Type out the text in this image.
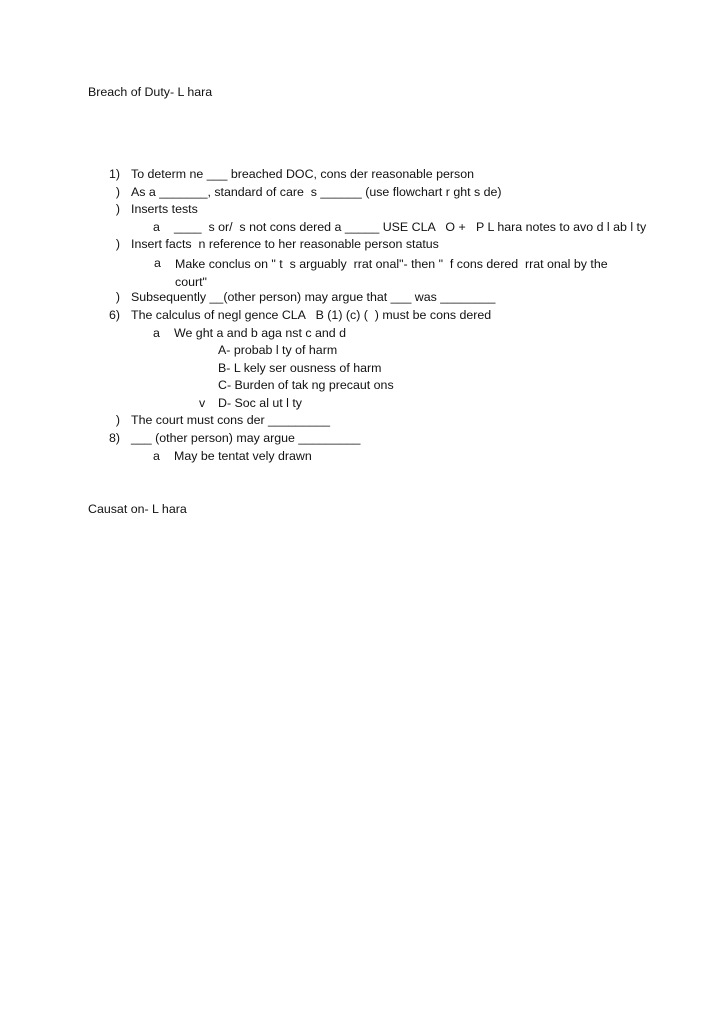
Breach of Duty- L hara
1) To determ ne ___ breached DOC, cons der reasonable person
) As a _______, standard of care  s ______ (use flowchart r ght s de)
) Inserts tests
a ____  s or/  s not cons dered a _____ USE CLA   O +   P L hara notes to avo d l ab l ty
) Insert facts  n reference to her reasonable person status
a Make conclus on " t  s arguably  rrat onal"- then "  f cons dered  rrat onal by the
court"
) Subsequently __(other person) may argue that ___ was ________
6) The calculus of negl gence CLA   B (1) (c) (  ) must be cons dered
a We ght a and b aga nst c and d
A- probab l ty of harm
B- L kely ser ousness of harm
C- Burden of tak ng precaut ons
v D- Soc al ut l ty
) The court must cons der _________
8) ___ (other person) may argue _________
a May be tentat vely drawn
Causat on- L hara
